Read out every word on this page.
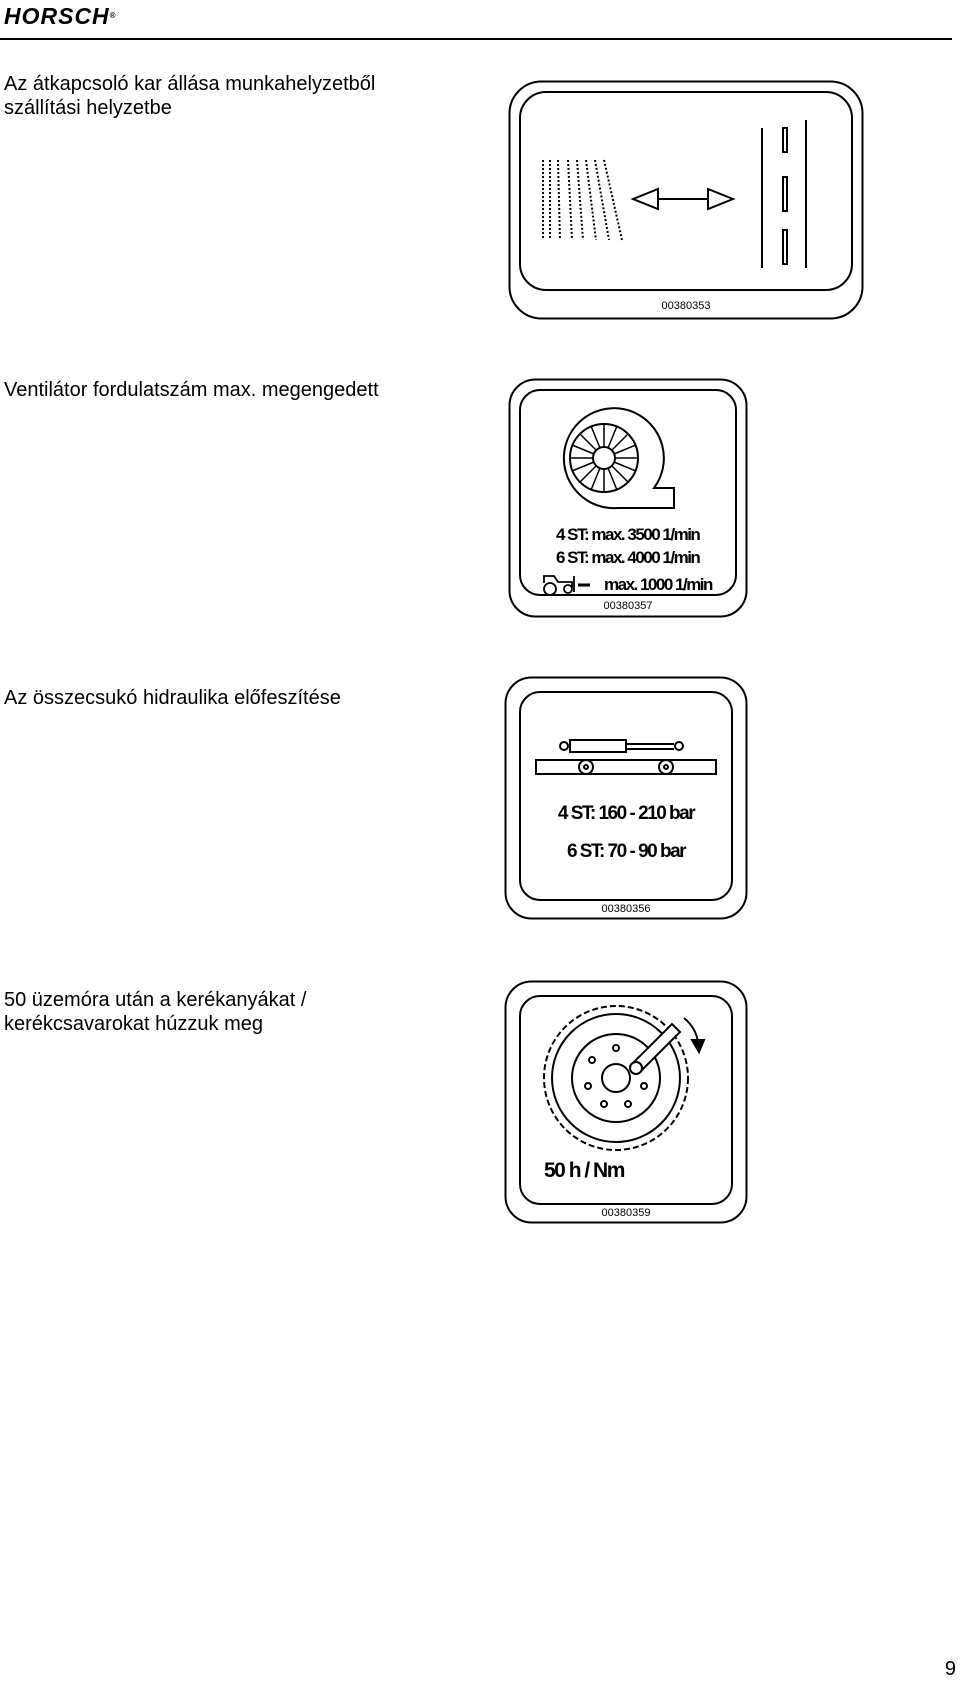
HORSCH®
Az átkapcsoló kar állása munkahelyzetből
szállítási helyzetbe
00380353
Ventilátor fordulatszám max. megengedett
4 ST: max. 3500 1/min
6 ST: max. 4000 1/min
max. 1000 1/min
00380357
Az összecsukó hidraulika előfeszítése
4 ST: 160 - 210 bar
6 ST: 70 - 90 bar
00380356
50 üzemóra után a kerékanyákat /
kerékcsavarokat húzzuk meg
50 h / Nm
00380359
9
